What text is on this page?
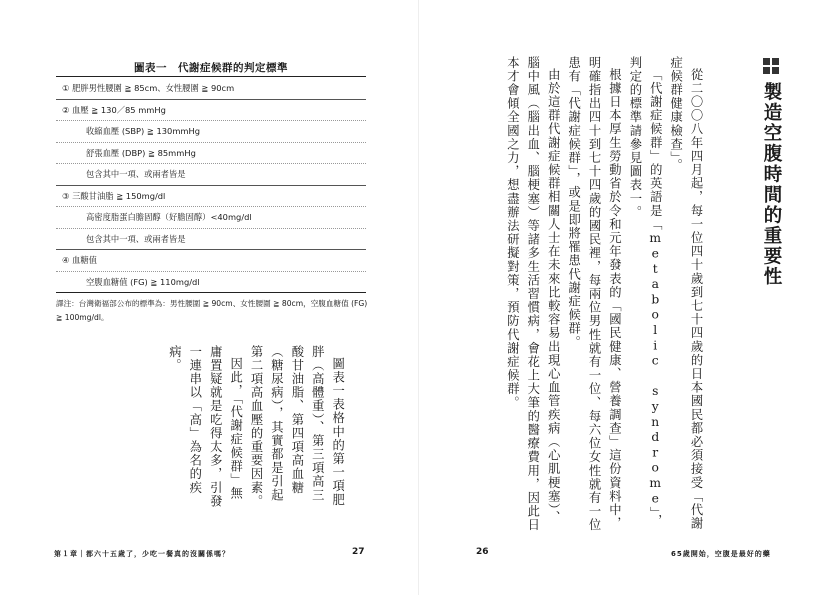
圖表一　代謝症候群的判定標準
① 肥胖男性腰圍 ≧ 85cm、女性腰圍 ≧ 90cm
② 血壓 ≧ 130／85 mmHg
收縮血壓 (SBP) ≧ 130mmHg
舒張血壓 (DBP) ≧ 85mmHg
包含其中一項、或兩者皆是
③ 三酸甘油脂 ≧ 150mg/dl
高密度脂蛋白膽固醇（好膽固醇）<40mg/dl
包含其中一項、或兩者皆是
④ 血糖值
空腹血糖值 (FG) ≧ 110mg/dl

譯注：台灣衛福部公布的標準為：男性腰圍 ≧ 90cm、女性腰圍 ≧ 80cm，空腹血糖值 (FG) ≧ 100mg/dl。

圖表一表格中的第一項肥胖（高體重）、第三項高三酸甘油脂、第四項高血糖（糖尿病），其實都是引起第二項高血壓的重要因素。

因此，「代謝症候群」無庸置疑就是吃得太多，引發一連串以「高」為名的疾病。

第１章｜都六十五歲了，少吃一餐真的沒關係嗎？	27
製造空腹時間的重要性

從二〇〇八年四月起，每一位四十歲到七十四歲的日本國民都必須接受「代謝症候群健康檢查」。

「代謝症候群」的英語是「metabolic syndrome」，判定的標準請參見圖表一。

根據日本厚生勞動省於令和元年發表的「國民健康、營養調查」這份資料中，明確指出四十到七十四歲的國民裡，每兩位男性就有一位、每六位女性就有一位患有「代謝症候群」，或是即將罹患代謝症候群。

由於這群代謝症候群相關人士在未來比較容易出現心血管疾病（心肌梗塞）、腦中風（腦出血、腦梗塞）等諸多生活習慣病，會花上大筆的醫療費用，因此日本才會傾全國之力，想盡辦法研擬對策，預防代謝症候群。

26	65歲開始，空腹是最好的藥
